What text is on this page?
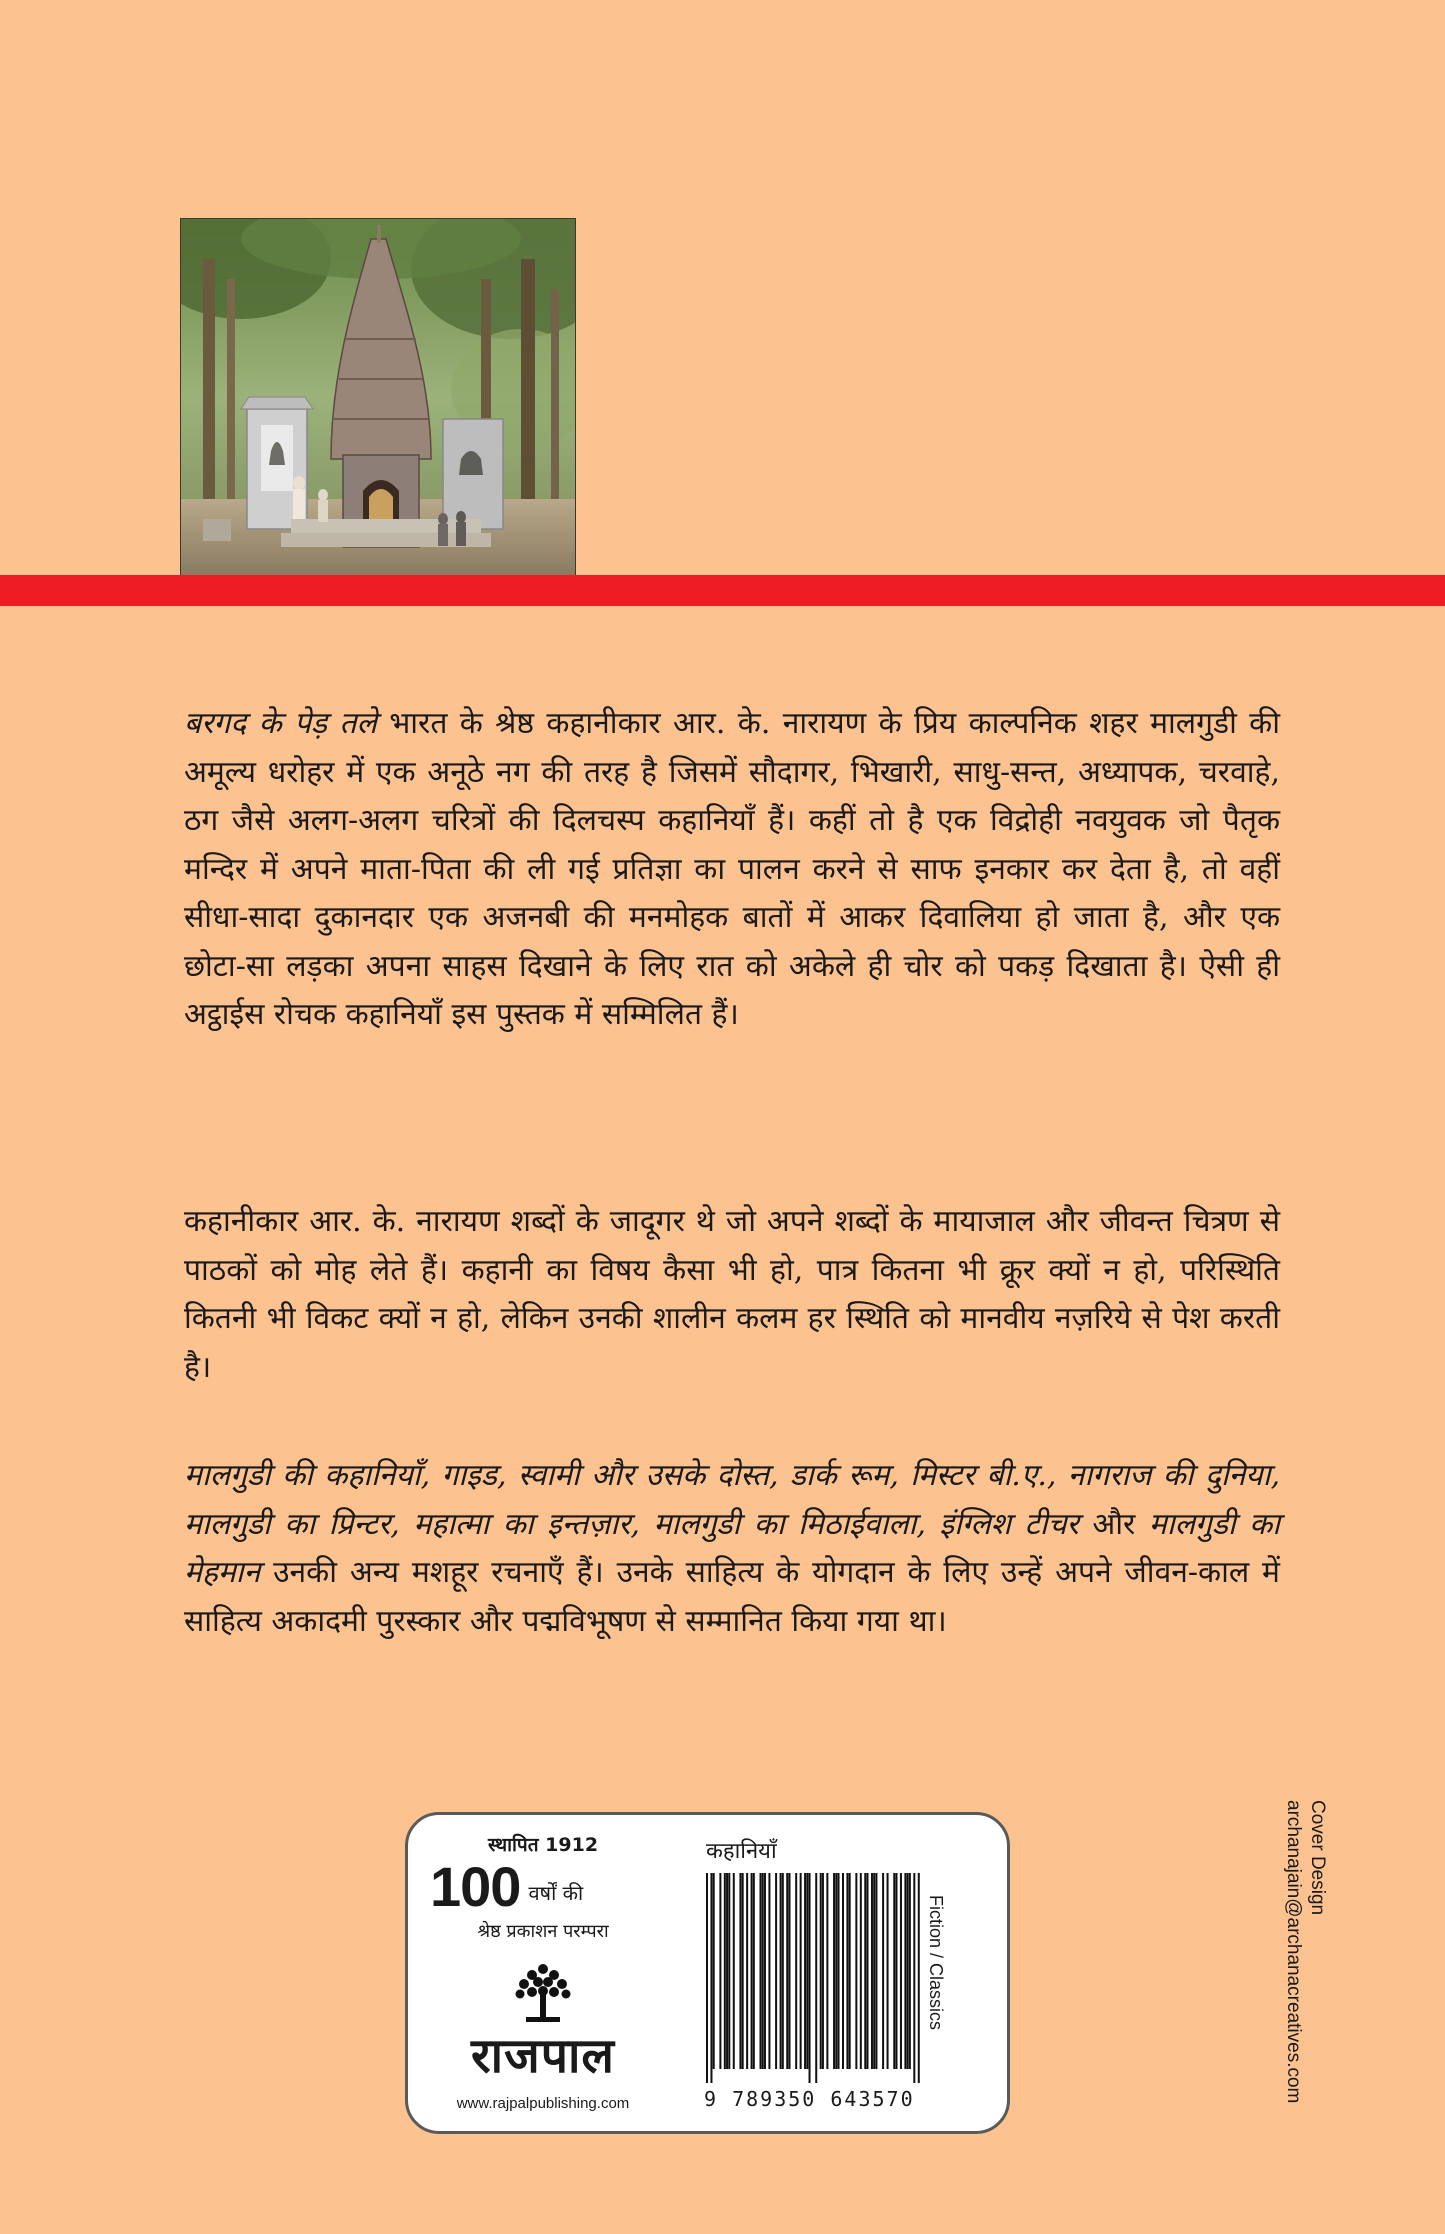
बरगद के पेड़ तले भारत के श्रेष्ठ कहानीकार आर. के. नारायण के प्रिय काल्पनिक शहर मालगुडी की अमूल्य धरोहर में एक अनूठे नग की तरह है जिसमें सौदागर, भिखारी, साधु-सन्त, अध्यापक, चरवाहे, ठग जैसे अलग-अलग चरित्रों की दिलचस्प कहानियाँ हैं। कहीं तो है एक विद्रोही नवयुवक जो पैतृक मन्दिर में अपने माता-पिता की ली गई प्रतिज्ञा का पालन करने से साफ इनकार कर देता है, तो वहीं सीधा-सादा दुकानदार एक अजनबी की मनमोहक बातों में आकर दिवालिया हो जाता है, और एक छोटा-सा लड़का अपना साहस दिखाने के लिए रात को अकेले ही चोर को पकड़ दिखाता है। ऐसी ही अट्ठाईस रोचक कहानियाँ इस पुस्तक में सम्मिलित हैं।

कहानीकार आर. के. नारायण शब्दों के जादूगर थे जो अपने शब्दों के मायाजाल और जीवन्त चित्रण से पाठकों को मोह लेते हैं। कहानी का विषय कैसा भी हो, पात्र कितना भी क्रूर क्यों न हो, परिस्थिति कितनी भी विकट क्यों न हो, लेकिन उनकी शालीन कलम हर स्थिति को मानवीय नज़रिये से पेश करती है।

मालगुडी की कहानियाँ, गाइड, स्वामी और उसके दोस्त, डार्क रूम, मिस्टर बी.ए., नागराज की दुनिया, मालगुडी का प्रिन्टर, महात्मा का इन्तज़ार, मालगुडी का मिठाईवाला, इंग्लिश टीचर और मालगुडी का मेहमान उनकी अन्य मशहूर रचनाएँ हैं। उनके साहित्य के योगदान के लिए उन्हें अपने जीवन-काल में साहित्य अकादमी पुरस्कार और पद्मविभूषण से सम्मानित किया गया था।

स्थापित 1912
100 वर्षों की
श्रेष्ठ प्रकाशन परम्परा
राजपाल
www.rajpalpublishing.com
कहानियाँ
9 789350 643570
Fiction / Classics
Cover Design
archanajain@archanacreatives.com
